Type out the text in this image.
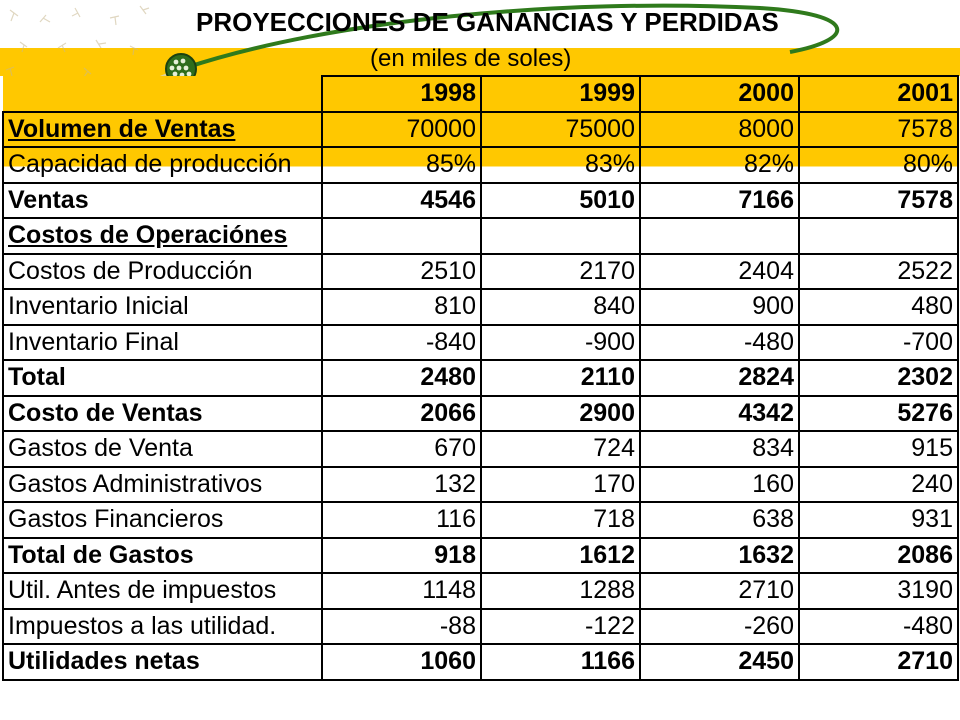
PROYECCIONES DE GANANCIAS Y PERDIDAS
(en miles de soles)
	1998	1999	2000	2001
Volumen de Ventas	70000	75000	8000	7578
Capacidad de producción	85%	83%	82%	80%
Ventas	4546	5010	7166	7578
Costos de Operaciónes				
Costos de Producción	2510	2170	2404	2522
Inventario Inicial	810	840	900	480
Inventario Final	-840	-900	-480	-700
Total	2480	2110	2824	2302
Costo de Ventas	2066	2900	4342	5276
Gastos de Venta	670	724	834	915
Gastos Administrativos	132	170	160	240
Gastos Financieros	116	718	638	931
Total de Gastos	918	1612	1632	2086
Util. Antes de impuestos	1148	1288	2710	3190
Impuestos a las utilidad.	-88	-122	-260	-480
Utilidades netas	1060	1166	2450	2710
